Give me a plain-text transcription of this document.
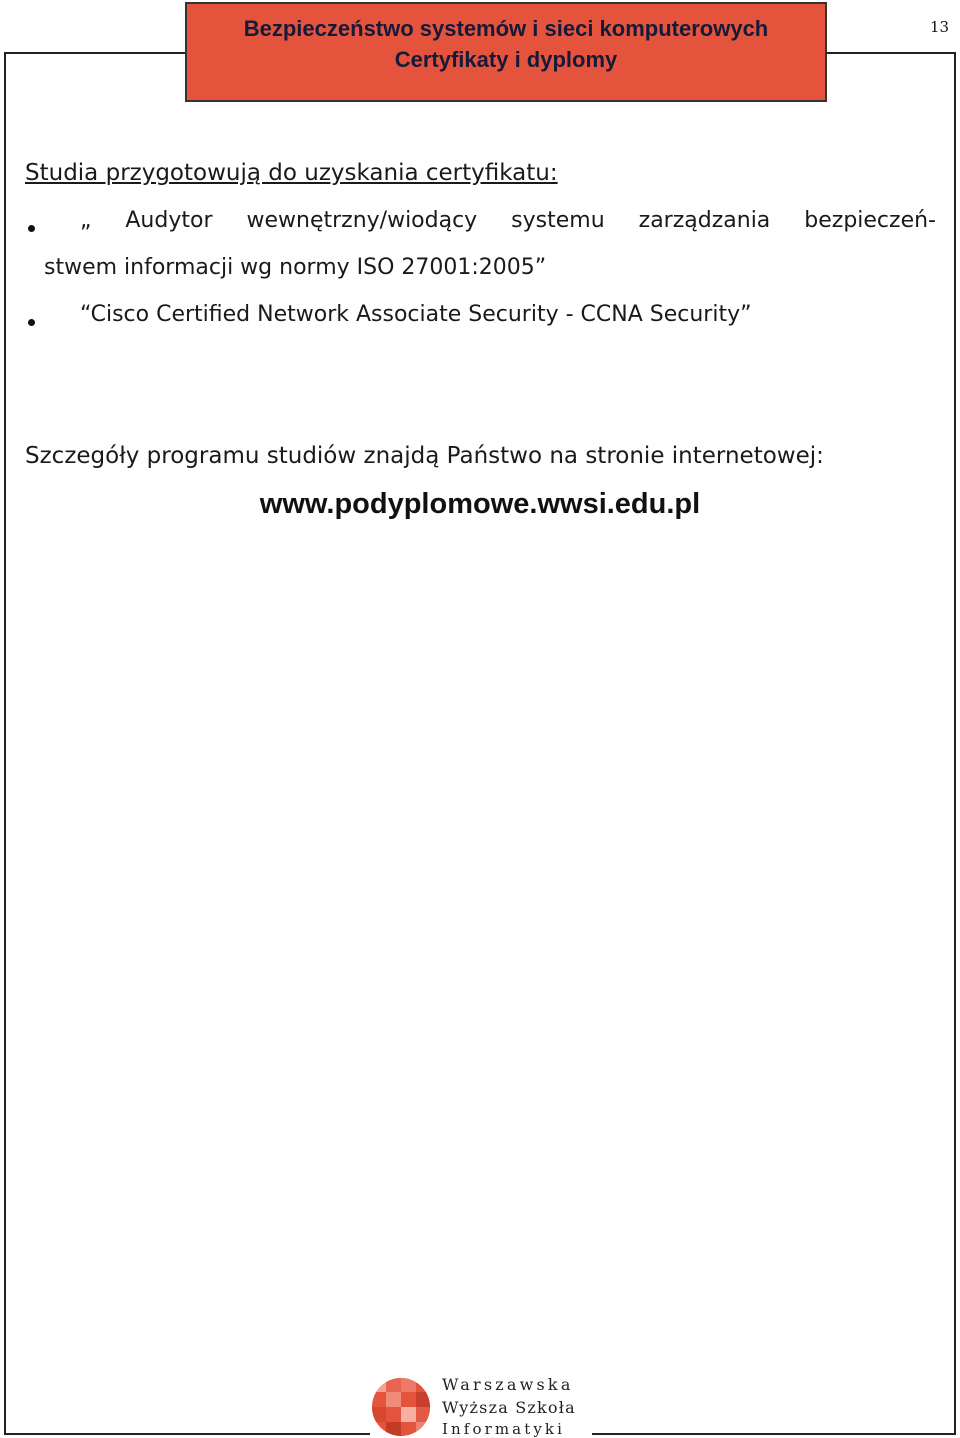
Bezpieczeństwo systemów i sieci komputerowych
Certyfikaty i dyplomy
13
Studia przygotowują do uzyskania certyfikatu:
„ Audytor wewnętrzny/wiodący systemu zarządzania bezpieczeń-
stwem informacji wg normy ISO 27001:2005”
“Cisco Certified Network Associate Security - CCNA Security”
Szczegóły programu studiów znajdą Państwo na stronie internetowej:
www.podyplomowe.wwsi.edu.pl
Warszawska
Wyższa Szkoła
Informatyki
